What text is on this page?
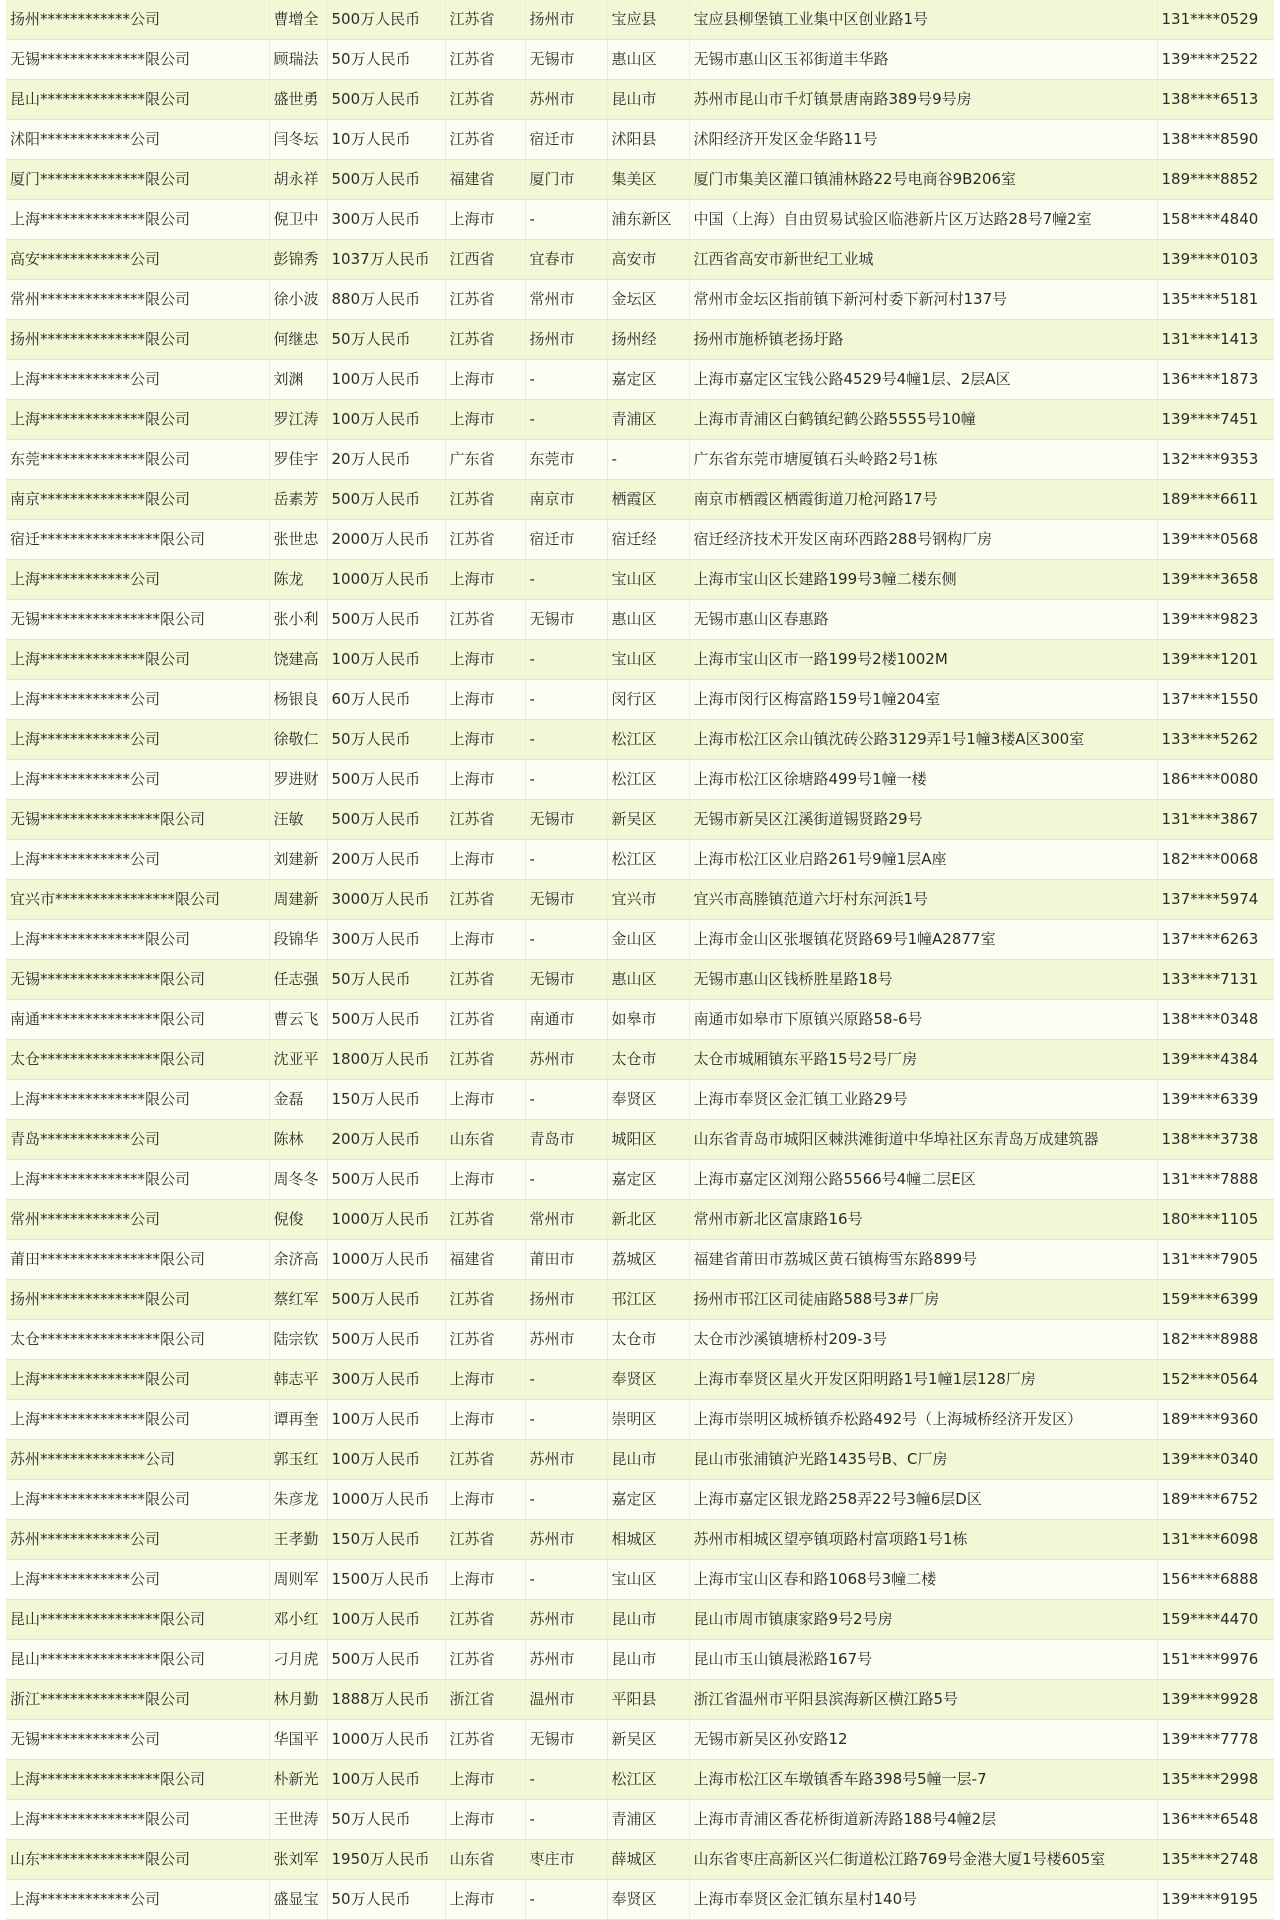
扬州************公司	曹增全	500万人民币	江苏省	扬州市	宝应县	宝应县柳堡镇工业集中区创业路1号	131****0529
无锡**************限公司	顾瑞法	50万人民币	江苏省	无锡市	惠山区	无锡市惠山区玉祁街道丰华路	139****2522
昆山**************限公司	盛世勇	500万人民币	江苏省	苏州市	昆山市	苏州市昆山市千灯镇景唐南路389号9号房	138****6513
沭阳************公司	闫冬坛	10万人民币	江苏省	宿迁市	沭阳县	沭阳经济开发区金华路11号	138****8590
厦门**************限公司	胡永祥	500万人民币	福建省	厦门市	集美区	厦门市集美区灌口镇浦林路22号电商谷9B206室	189****8852
上海**************限公司	倪卫中	300万人民币	上海市	-	浦东新区	中国（上海）自由贸易试验区临港新片区万达路28号7幢2室	158****4840
高安************公司	彭锦秀	1037万人民币	江西省	宜春市	高安市	江西省高安市新世纪工业城	139****0103
常州**************限公司	徐小波	880万人民币	江苏省	常州市	金坛区	常州市金坛区指前镇下新河村委下新河村137号	135****5181
扬州**************限公司	何继忠	50万人民币	江苏省	扬州市	扬州经	扬州市施桥镇老扬圩路	131****1413
上海************公司	刘渊	100万人民币	上海市	-	嘉定区	上海市嘉定区宝钱公路4529号4幢1层、2层A区	136****1873
上海**************限公司	罗江涛	100万人民币	上海市	-	青浦区	上海市青浦区白鹤镇纪鹤公路5555号10幢	139****7451
东莞**************限公司	罗佳宇	20万人民币	广东省	东莞市	-	广东省东莞市塘厦镇石头岭路2号1栋	132****9353
南京**************限公司	岳素芳	500万人民币	江苏省	南京市	栖霞区	南京市栖霞区栖霞街道刀枪河路17号	189****6611
宿迁****************限公司	张世忠	2000万人民币	江苏省	宿迁市	宿迁经	宿迁经济技术开发区南环西路288号钢构厂房	139****0568
上海************公司	陈龙	1000万人民币	上海市	-	宝山区	上海市宝山区长建路199号3幢二楼东侧	139****3658
无锡****************限公司	张小利	500万人民币	江苏省	无锡市	惠山区	无锡市惠山区春惠路	139****9823
上海**************限公司	饶建高	100万人民币	上海市	-	宝山区	上海市宝山区市一路199号2楼1002M	139****1201
上海************公司	杨银良	60万人民币	上海市	-	闵行区	上海市闵行区梅富路159号1幢204室	137****1550
上海************公司	徐敬仁	50万人民币	上海市	-	松江区	上海市松江区佘山镇沈砖公路3129弄1号1幢3楼A区300室	133****5262
上海************公司	罗进财	500万人民币	上海市	-	松江区	上海市松江区徐塘路499号1幢一楼	186****0080
无锡****************限公司	汪敏	500万人民币	江苏省	无锡市	新吴区	无锡市新吴区江溪街道锡贤路29号	131****3867
上海************公司	刘建新	200万人民币	上海市	-	松江区	上海市松江区业启路261号9幢1层A座	182****0068
宜兴市****************限公司	周建新	3000万人民币	江苏省	无锡市	宜兴市	宜兴市高塍镇范道六圩村东河浜1号	137****5974
上海**************限公司	段锦华	300万人民币	上海市	-	金山区	上海市金山区张堰镇花贤路69号1幢A2877室	137****6263
无锡****************限公司	任志强	50万人民币	江苏省	无锡市	惠山区	无锡市惠山区钱桥胜星路18号	133****7131
南通****************限公司	曹云飞	500万人民币	江苏省	南通市	如皋市	南通市如皋市下原镇兴原路58-6号	138****0348
太仓****************限公司	沈亚平	1800万人民币	江苏省	苏州市	太仓市	太仓市城厢镇东平路15号2号厂房	139****4384
上海**************限公司	金磊	150万人民币	上海市	-	奉贤区	上海市奉贤区金汇镇工业路29号	139****6339
青岛************公司	陈林	200万人民币	山东省	青岛市	城阳区	山东省青岛市城阳区棘洪滩街道中华埠社区东青岛万成建筑器	138****3738
上海**************限公司	周冬冬	500万人民币	上海市	-	嘉定区	上海市嘉定区浏翔公路5566号4幢二层E区	131****7888
常州************公司	倪俊	1000万人民币	江苏省	常州市	新北区	常州市新北区富康路16号	180****1105
莆田****************限公司	余济高	1000万人民币	福建省	莆田市	荔城区	福建省莆田市荔城区黄石镇梅雪东路899号	131****7905
扬州**************限公司	蔡红军	500万人民币	江苏省	扬州市	邗江区	扬州市邗江区司徒庙路588号3#厂房	159****6399
太仓****************限公司	陆宗钦	500万人民币	江苏省	苏州市	太仓市	太仓市沙溪镇塘桥村209-3号	182****8988
上海**************限公司	韩志平	300万人民币	上海市	-	奉贤区	上海市奉贤区星火开发区阳明路1号1幢1层128厂房	152****0564
上海**************限公司	谭再奎	100万人民币	上海市	-	崇明区	上海市崇明区城桥镇乔松路492号（上海城桥经济开发区）	189****9360
苏州**************公司	郭玉红	100万人民币	江苏省	苏州市	昆山市	昆山市张浦镇沪光路1435号B、C厂房	139****0340
上海**************限公司	朱彦龙	1000万人民币	上海市	-	嘉定区	上海市嘉定区银龙路258弄22号3幢6层D区	189****6752
苏州************公司	王孝勤	150万人民币	江苏省	苏州市	相城区	苏州市相城区望亭镇项路村富项路1号1栋	131****6098
上海************公司	周则军	1500万人民币	上海市	-	宝山区	上海市宝山区春和路1068号3幢二楼	156****6888
昆山****************限公司	邓小红	100万人民币	江苏省	苏州市	昆山市	昆山市周市镇康家路9号2号房	159****4470
昆山****************限公司	刁月虎	500万人民币	江苏省	苏州市	昆山市	昆山市玉山镇晨淞路167号	151****9976
浙江**************限公司	林月勤	1888万人民币	浙江省	温州市	平阳县	浙江省温州市平阳县滨海新区横江路5号	139****9928
无锡************公司	华国平	1000万人民币	江苏省	无锡市	新吴区	无锡市新吴区孙安路12	139****7778
上海****************限公司	朴新光	100万人民币	上海市	-	松江区	上海市松江区车墩镇香车路398号5幢一层-7	135****2998
上海**************限公司	王世涛	50万人民币	上海市	-	青浦区	上海市青浦区香花桥街道新涛路188号4幢2层	136****6548
山东**************限公司	张刘军	1950万人民币	山东省	枣庄市	薛城区	山东省枣庄高新区兴仁街道松江路769号金港大厦1号楼605室	135****2748
上海************公司	盛显宝	50万人民币	上海市	-	奉贤区	上海市奉贤区金汇镇东星村140号	139****9195
